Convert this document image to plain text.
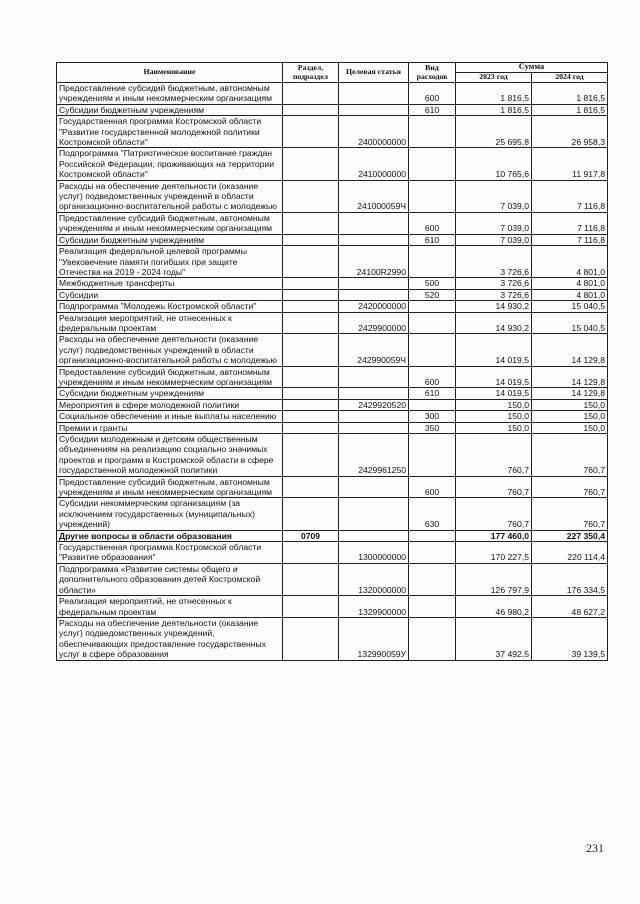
Наименование	Раздел, подраздел	Целевая статья	Вид расходов	Сумма	
				2023 год	2024 год
Предоставление субсидий бюджетным, автономным учреждениям и иным некоммерческим организациям			600	1 816,5	1 816,5
Субсидии бюджетным учреждениям			610	1 816,5	1 816,5
Государственная программа Костромской области "Развитие государственной молодежной политики Костромской области"		2400000000		25 695,8	26 958,3
Подпрограмма "Патриотическое воспитание граждан Российской Федерации, проживающих на территории Костромской области"		2410000000		10 765,6	11 917,8
Расходы на обеспечение деятельности (оказание услуг) подведомственных учреждений в области организационно-воспитательной работы с молодежью		241000059Ч		7 039,0	7 116,8
Предоставление субсидий бюджетным, автономным учреждениям и иным некоммерческим организациям			600	7 039,0	7 116,8
Субсидии бюджетным учреждениям			610	7 039,0	7 116,8
Реализация федеральной целевой программы "Увековечение памяти погибших при защите Отечества на 2019 - 2024 годы"		24100R2990		3 726,6	4 801,0
Межбюджетные трансферты			500	3 726,6	4 801,0
Субсидии			520	3 726,6	4 801,0
Подпрограмма "Молодежь Костромской области"		2420000000		14 930,2	15 040,5
Реализация мероприятий, не отнесенных к федеральным проектам		2429900000		14 930,2	15 040,5
Расходы на обеспечение деятельности (оказание услуг) подведомственных учреждений в области организационно-воспитательной работы с молодежью		242990059Ч		14 019,5	14 129,8
Предоставление субсидий бюджетным, автономным учреждениям и иным некоммерческим организациям			600	14 019,5	14 129,8
Субсидии бюджетным учреждениям			610	14 019,5	14 129,8
Мероприятия в сфере молодежной политики		2429920520		150,0	150,0
Социальное обеспечение и иные выплаты населению			300	150,0	150,0
Премии и гранты			350	150,0	150,0
Субсидии молодежным и детским общественным объединениям на реализацию социально значимых проектов и программ в Костромской области в сфере государственной молодежной политики		2429961250		760,7	760,7
Предоставление субсидий бюджетным, автономным учреждениям и иным некоммерческим организациям			600	760,7	760,7
Субсидии некоммерческим организациям (за исключением государственных (муниципальных) учреждений)			630	760,7	760,7
Другие вопросы в области образования	0709			177 460,0	227 350,4
Государственная программа Костромской области "Развитие образования"		1300000000		170 227,5	220 114,4
Подпрограмма «Развитие системы общего и дополнительного образования детей Костромской области»		1320000000		126 797,9	176 334,5
Реализация мероприятий, не отнесенных к федеральным проектам		1329900000		46 980,2	48 627,2
Расходы на обеспечение деятельности (оказание услуг) подведомственных учреждений, обеспечивающих предоставление государственных услуг в сфере образования		132990059У		37 492,5	39 139,5
231
